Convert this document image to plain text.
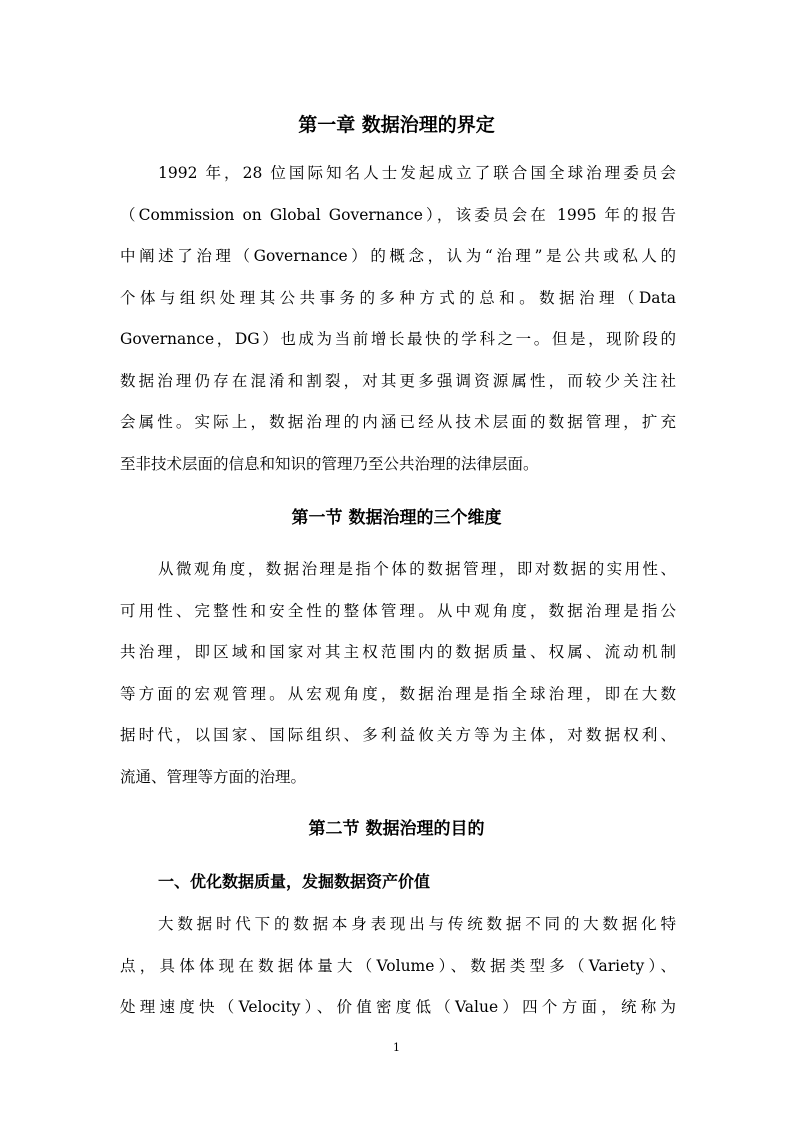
第一章 数据治理的界定

1992 年，28 位国际知名人士发起成立了联合国全球治理委员会
（Commission on Global Governance），该委员会在 1995 年的报告
中阐述了治理（Governance）的概念，认为“治理”是公共或私人的
个体与组织处理其公共事务的多种方式的总和。数据治理（Data
Governance，DG）也成为当前增长最快的学科之一。但是，现阶段的
数据治理仍存在混淆和割裂，对其更多强调资源属性，而较少关注社
会属性。实际上，数据治理的内涵已经从技术层面的数据管理，扩充
至非技术层面的信息和知识的管理乃至公共治理的法律层面。

第一节 数据治理的三个维度

从微观角度，数据治理是指个体的数据管理，即对数据的实用性、
可用性、完整性和安全性的整体管理。从中观角度，数据治理是指公
共治理，即区域和国家对其主权范围内的数据质量、权属、流动机制
等方面的宏观管理。从宏观角度，数据治理是指全球治理，即在大数
据时代，以国家、国际组织、多利益攸关方等为主体，对数据权利、
流通、管理等方面的治理。

第二节 数据治理的目的
一、优化数据质量，发掘数据资产价值

大数据时代下的数据本身表现出与传统数据不同的大数据化特
点，具体体现在数据体量大（Volume）、数据类型多（Variety）、
处理速度快（Velocity）、价值密度低（Value）四个方面，统称为

1
